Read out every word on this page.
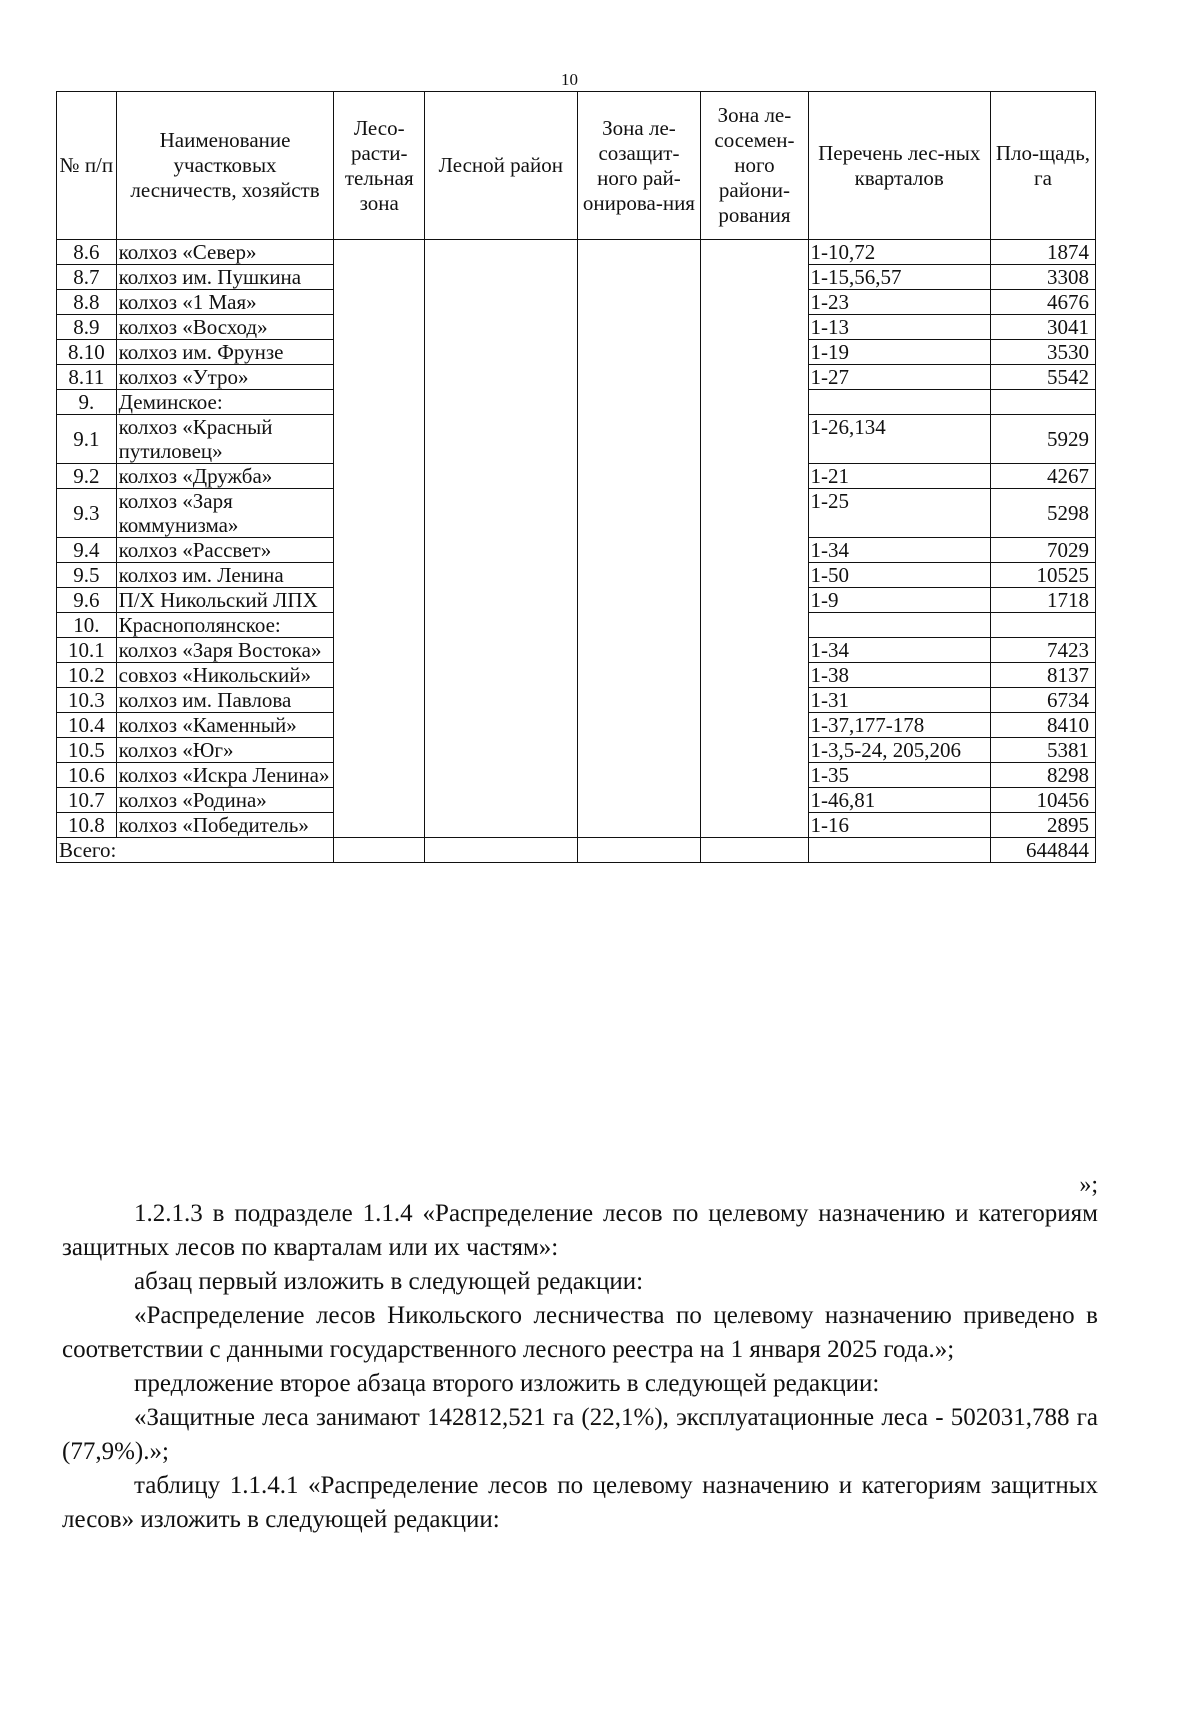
10
№ п/п	Наименование участковых лесничеств, хозяйств	Лесо-расти-тельная зона	Лесной район	Зона ле-созащит-ного рай-онирова-ния	Зона ле-сосемен-ного райони-рования	Перечень лес-ных кварталов	Пло-щадь, га
8.6	колхоз «Север»					1-10,72	1874
8.7	колхоз им. Пушкина					1-15,56,57	3308
8.8	колхоз «1 Мая»					1-23	4676
8.9	колхоз «Восход»					1-13	3041
8.10	колхоз им. Фрунзе					1-19	3530
8.11	колхоз «Утро»					1-27	5542
9.	Деминское:						
9.1	колхоз «Красный путиловец»					1-26,134	5929
9.2	колхоз «Дружба»					1-21	4267
9.3	колхоз «Заря коммунизма»					1-25	5298
9.4	колхоз «Рассвет»					1-34	7029
9.5	колхоз им. Ленина					1-50	10525
9.6	П/Х Никольский ЛПХ					1-9	1718
10.	Краснополянское:						
10.1	колхоз «Заря Востока»					1-34	7423
10.2	совхоз «Никольский»					1-38	8137
10.3	колхоз им. Павлова					1-31	6734
10.4	колхоз «Каменный»					1-37,177-178	8410
10.5	колхоз «Юг»					1-3,5-24, 205,206	5381
10.6	колхоз «Искра Ленина»					1-35	8298
10.7	колхоз «Родина»					1-46,81	10456
10.8	колхоз «Победитель»					1-16	2895
Всего:							644844
»;

1.2.1.3 в подразделе 1.1.4 «Распределение лесов по целевому назначению и категориям защитных лесов по кварталам или их частям»:

абзац первый изложить в следующей редакции:

«Распределение лесов Никольского лесничества по целевому назначению приведено в соответствии с данными государственного лесного реестра на 1 января 2025 года.»;

предложение второе абзаца второго изложить в следующей редакции:

«Защитные леса занимают 142812,521 га (22,1%), эксплуатационные леса - 502031,788 га (77,9%).»;

таблицу 1.1.4.1 «Распределение лесов по целевому назначению и категориям защитных лесов» изложить в следующей редакции:
